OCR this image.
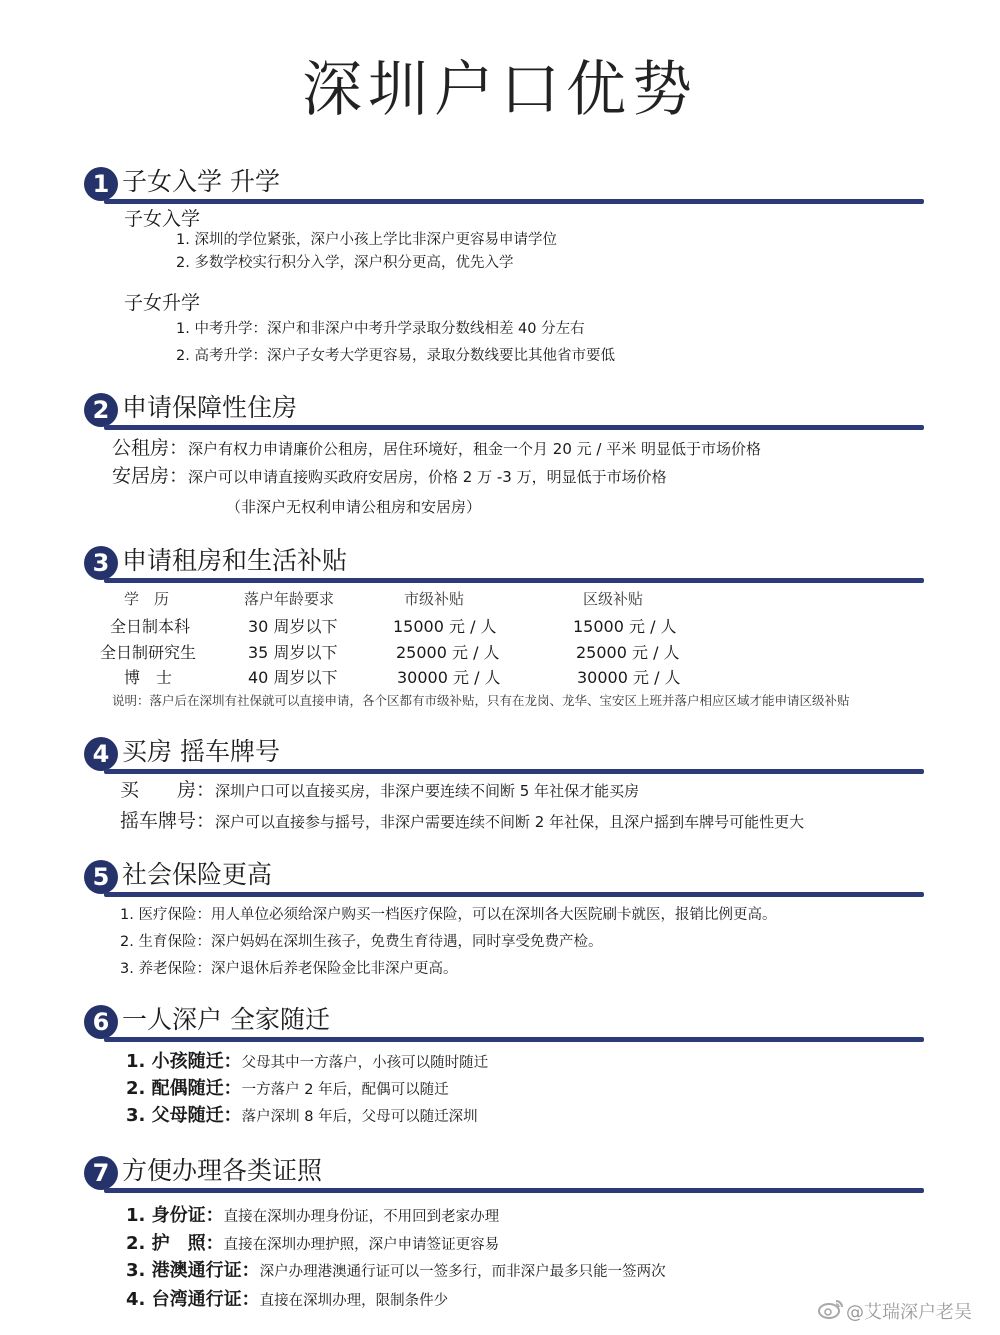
深圳户口优势
1 子女入学 升学
子女入学
1. 深圳的学位紧张，深户小孩上学比非深户更容易申请学位
2. 多数学校实行积分入学，深户积分更高，优先入学
子女升学
1. 中考升学：深户和非深户中考升学录取分数线相差 40 分左右
2. 高考升学：深户子女考大学更容易，录取分数线要比其他省市要低
2 申请保障性住房
公租房：深户有权力申请廉价公租房，居住环境好，租金一个月 20 元 / 平米 明显低于市场价格
安居房：深户可以申请直接购买政府安居房，价格 2 万 -3 万，明显低于市场价格
（非深户无权利申请公租房和安居房）
3 申请租房和生活补贴
学　历	落户年龄要求	市级补贴	区级补贴
全日制本科	30 周岁以下	15000 元 / 人	15000 元 / 人
全日制研究生	35 周岁以下	25000 元 / 人	25000 元 / 人
博　士	40 周岁以下	30000 元 / 人	30000 元 / 人
说明：落户后在深圳有社保就可以直接申请，各个区都有市级补贴，只有在龙岗、龙华、宝安区上班并落户相应区域才能申请区级补贴
4 买房 摇车牌号
买　　房：深圳户口可以直接买房，非深户要连续不间断 5 年社保才能买房
摇车牌号：深户可以直接参与摇号，非深户需要连续不间断 2 年社保，且深户摇到车牌号可能性更大
5 社会保险更高
1. 医疗保险：用人单位必须给深户购买一档医疗保险，可以在深圳各大医院刷卡就医，报销比例更高。
2. 生育保险：深户妈妈在深圳生孩子，免费生育待遇，同时享受免费产检。
3. 养老保险：深户退休后养老保险金比非深户更高。
6 一人深户 全家随迁
1. 小孩随迁：父母其中一方落户，小孩可以随时随迁
2. 配偶随迁：一方落户 2 年后，配偶可以随迁
3. 父母随迁：落户深圳 8 年后，父母可以随迁深圳
7 方便办理各类证照
1. 身份证：直接在深圳办理身份证，不用回到老家办理
2. 护　照：直接在深圳办理护照，深户申请签证更容易
3. 港澳通行证：深户办理港澳通行证可以一签多行，而非深户最多只能一签两次
4. 台湾通行证：直接在深圳办理，限制条件少
@艾瑞深户老吴
